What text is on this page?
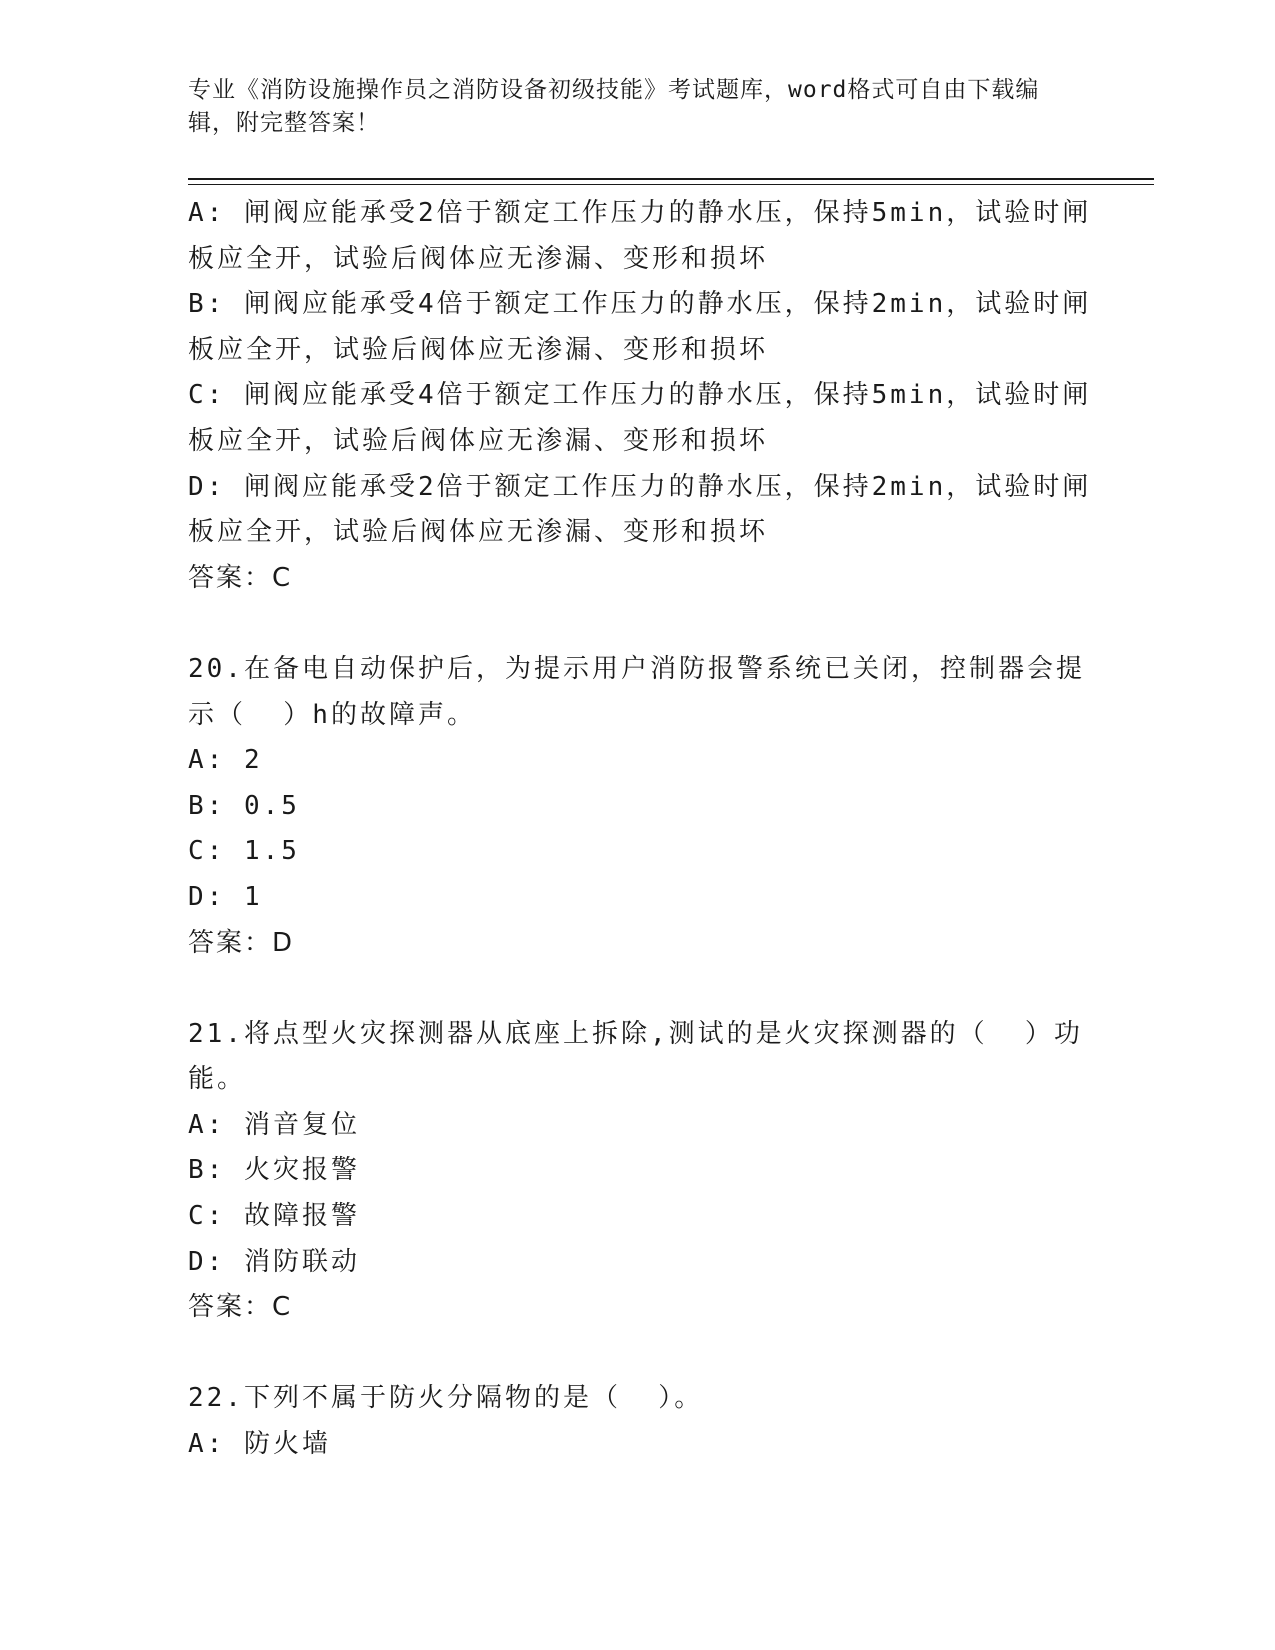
专业《消防设施操作员之消防设备初级技能》考试题库，word格式可自由下载编
辑，附完整答案！
A: 闸阀应能承受2倍于额定工作压力的静水压，保持5min，试验时闸
板应全开，试验后阀体应无渗漏、变形和损坏
B: 闸阀应能承受4倍于额定工作压力的静水压，保持2min，试验时闸
板应全开，试验后阀体应无渗漏、变形和损坏
C: 闸阀应能承受4倍于额定工作压力的静水压，保持5min，试验时闸
板应全开，试验后阀体应无渗漏、变形和损坏
D: 闸阀应能承受2倍于额定工作压力的静水压，保持2min，试验时闸
板应全开，试验后阀体应无渗漏、变形和损坏
答案：C
20.在备电自动保护后，为提示用户消防报警系统已关闭，控制器会提
示（  ）h的故障声。
A: 2
B: 0.5
C: 1.5
D: 1
答案：D
21.将点型火灾探测器从底座上拆除,测试的是火灾探测器的（  ）功
能。
A: 消音复位
B: 火灾报警
C: 故障报警
D: 消防联动
答案：C
22.下列不属于防火分隔物的是（  ）。
A: 防火墙
